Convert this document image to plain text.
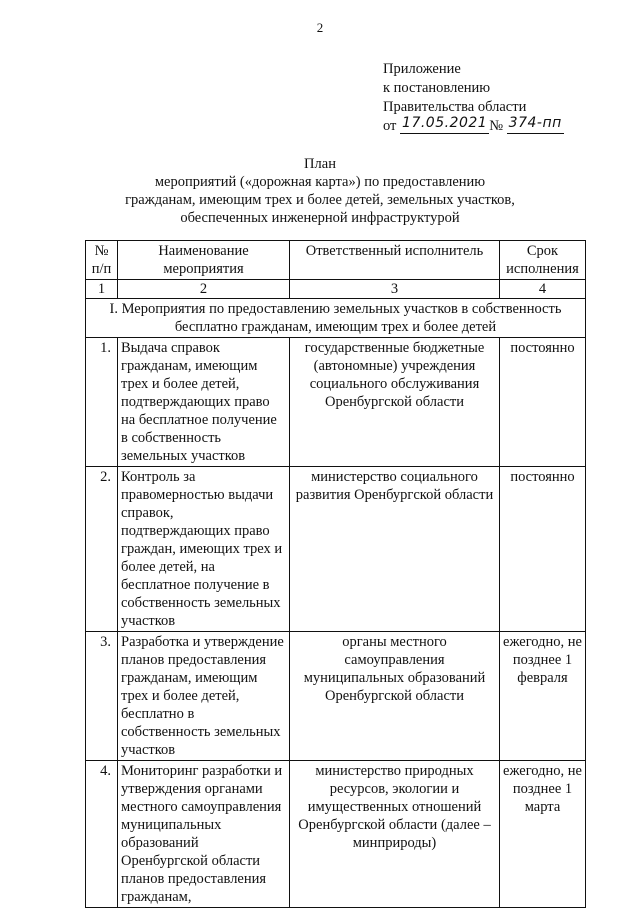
2
Приложение
к постановлению
Правительства области
от 17.05.2021 № 374-пп
План
мероприятий («дорожная карта») по предоставлению
гражданам, имеющим трех и более детей, земельных участков,
обеспеченных инженерной инфраструктурой
№ п/п	Наименование мероприятия	Ответственный исполнитель	Срок исполнения
1	2	3	4
I. Мероприятия по предоставлению земельных участков в собственность бесплатно гражданам, имеющим трех и более детей			
1.	Выдача справок гражданам, имеющим трех и более детей, подтверждающих право на бесплатное получение в собственность земельных участков	государственные бюджетные (автономные) учреждения социального обслуживания Оренбургской области	постоянно
2.	Контроль за правомерностью выдачи справок, подтверждающих право граждан, имеющих трех и более детей, на бесплатное получение в собственность земельных участков	министерство социального развития Оренбургской области	постоянно
3.	Разработка и утверждение планов предоставления гражданам, имеющим трех и более детей, бесплатно в собственность земельных участков	органы местного самоуправления муниципальных образований Оренбургской области	ежегодно, не позднее 1 февраля
4.	Мониторинг разработки и утверждения органами местного самоуправления муниципальных образований Оренбургской области планов предоставления гражданам,	министерство природных ресурсов, экологии и имущественных отношений Оренбургской области (далее – минприроды)	ежегодно, не позднее 1 марта
